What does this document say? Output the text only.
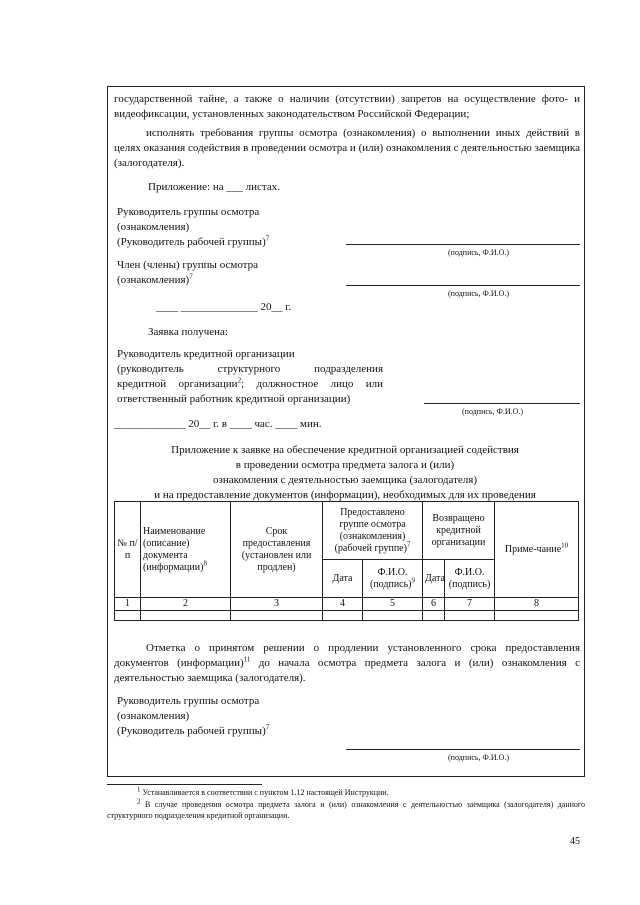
государственной тайне, а также о наличии (отсутствии) запретов на осуществление фото- и видеофиксации, установленных законодательством Российской Федерации;

исполнять требования группы осмотра (ознакомления) о выполнении иных действий в целях оказания содействия в проведении осмотра и (или) ознакомления с деятельностью заемщика (залогодателя).

Приложение: на ___ листах.

Руководитель группы осмотра
(ознакомления)
(Руководитель рабочей группы)$^7$
(подпись, Ф.И.О.)
Член (члены) группы осмотра
(ознакомления)$^7$
(подпись, Ф.И.О.)
____ ______________ 20__ г.
Заявка получена:
Руководитель кредитной организации
(руководитель структурного подразделения
кредитной организации$^2$; должностное лицо или
ответственный работник кредитной организации)
(подпись, Ф.И.О.)
_____________ 20__ г. в ____ час. ____ мин.
Приложение к заявке на обеспечение кредитной организацией содействия
в проведении осмотра предмета залога и (или)
ознакомления с деятельностью заемщика (залогодателя)
и на предоставление документов (информации), необходимых для их проведения
№ п/п	Наименование (описание) документа (информации)$^8$	Срок предоставления (установлен или продлен)	Предоставлено группе осмотра (ознакомления) (рабочей группе)$^7$		Возвращено кредитной организации		Приме-чание$^{10}$
			Дата	Ф.И.О. (подпись)$^9$	Дата	Ф.И.О. (подпись)	
1	2	3	4	5	6	7	8

Отметка о принятом решении о продлении установленного срока предоставления документов (информации)$^{11}$ до начала осмотра предмета залога и (или) ознакомления с деятельностью заемщика (залогодателя).

Руководитель группы осмотра
(ознакомления)
(Руководитель рабочей группы)$^7$
(подпись, Ф.И.О.)

$^1$ Устанавливается в соответствии с пунктом 1.12 настоящей Инструкции.

$^2$ В случае проведения осмотра предмета залога и (или) ознакомления с деятельностью заемщика (залогодателя) данного структурного подразделения кредитной организации.

45
